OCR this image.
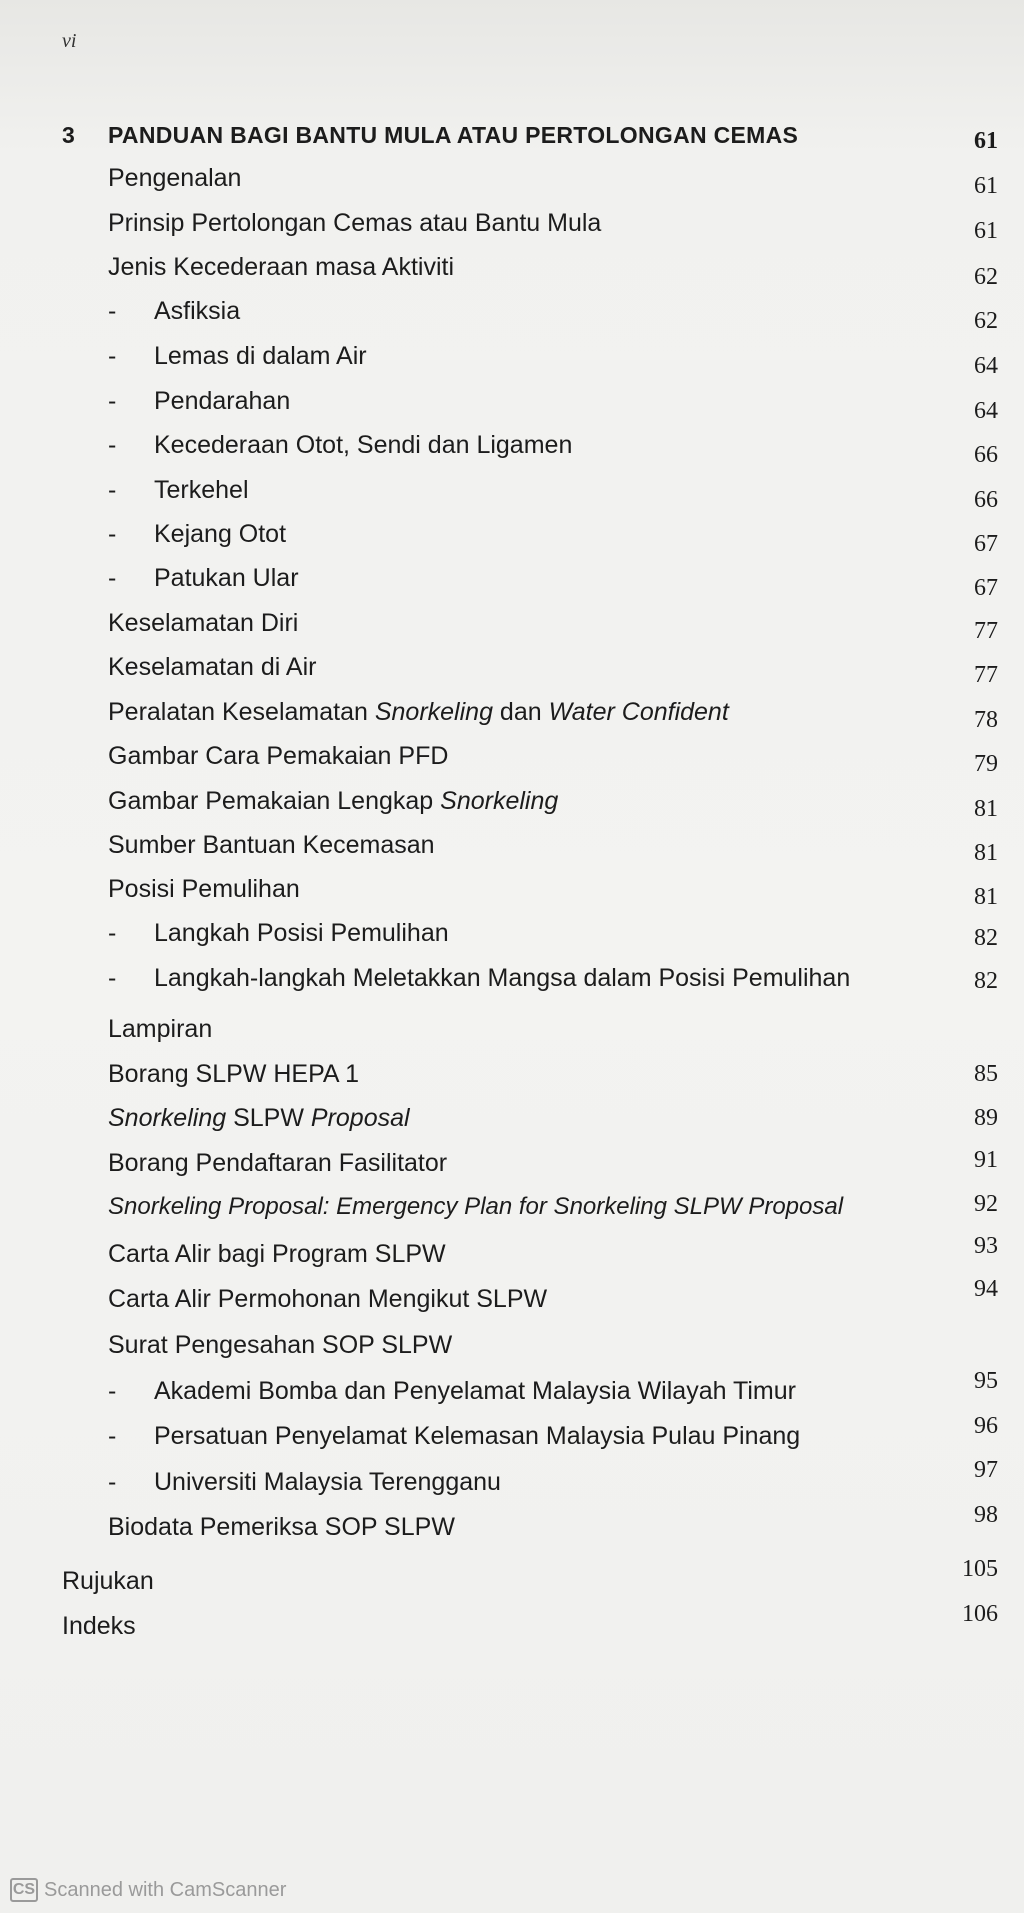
vi
3 PANDUAN BAGI BANTU MULA ATAU PERTOLONGAN CEMAS	61
Pengenalan	61
Prinsip Pertolongan Cemas atau Bantu Mula	61
Jenis Kecederaan masa Aktiviti	62
- Asfiksia	62
- Lemas di dalam Air	64
- Pendarahan	64
- Kecederaan Otot, Sendi dan Ligamen	66
- Terkehel	66
- Kejang Otot	67
- Patukan Ular	67
Keselamatan Diri	77
Keselamatan di Air	77
Peralatan Keselamatan Snorkeling dan Water Confident	78
Gambar Cara Pemakaian PFD	79
Gambar Pemakaian Lengkap Snorkeling	81
Sumber Bantuan Kecemasan	81
Posisi Pemulihan	81
- Langkah Posisi Pemulihan	82
- Langkah-langkah Meletakkan Mangsa dalam Posisi Pemulihan	82
Lampiran
Borang SLPW HEPA 1	85
Snorkeling SLPW Proposal	89
Borang Pendaftaran Fasilitator	91
Snorkeling Proposal: Emergency Plan for Snorkeling SLPW Proposal	92
Carta Alir bagi Program SLPW	93
Carta Alir Permohonan Mengikut SLPW	94
Surat Pengesahan SOP SLPW
- Akademi Bomba dan Penyelamat Malaysia Wilayah Timur	95
- Persatuan Penyelamat Kelemasan Malaysia Pulau Pinang	96
- Universiti Malaysia Terengganu	97
Biodata Pemeriksa SOP SLPW	98
Rujukan	105
Indeks	106
CS Scanned with CamScanner
